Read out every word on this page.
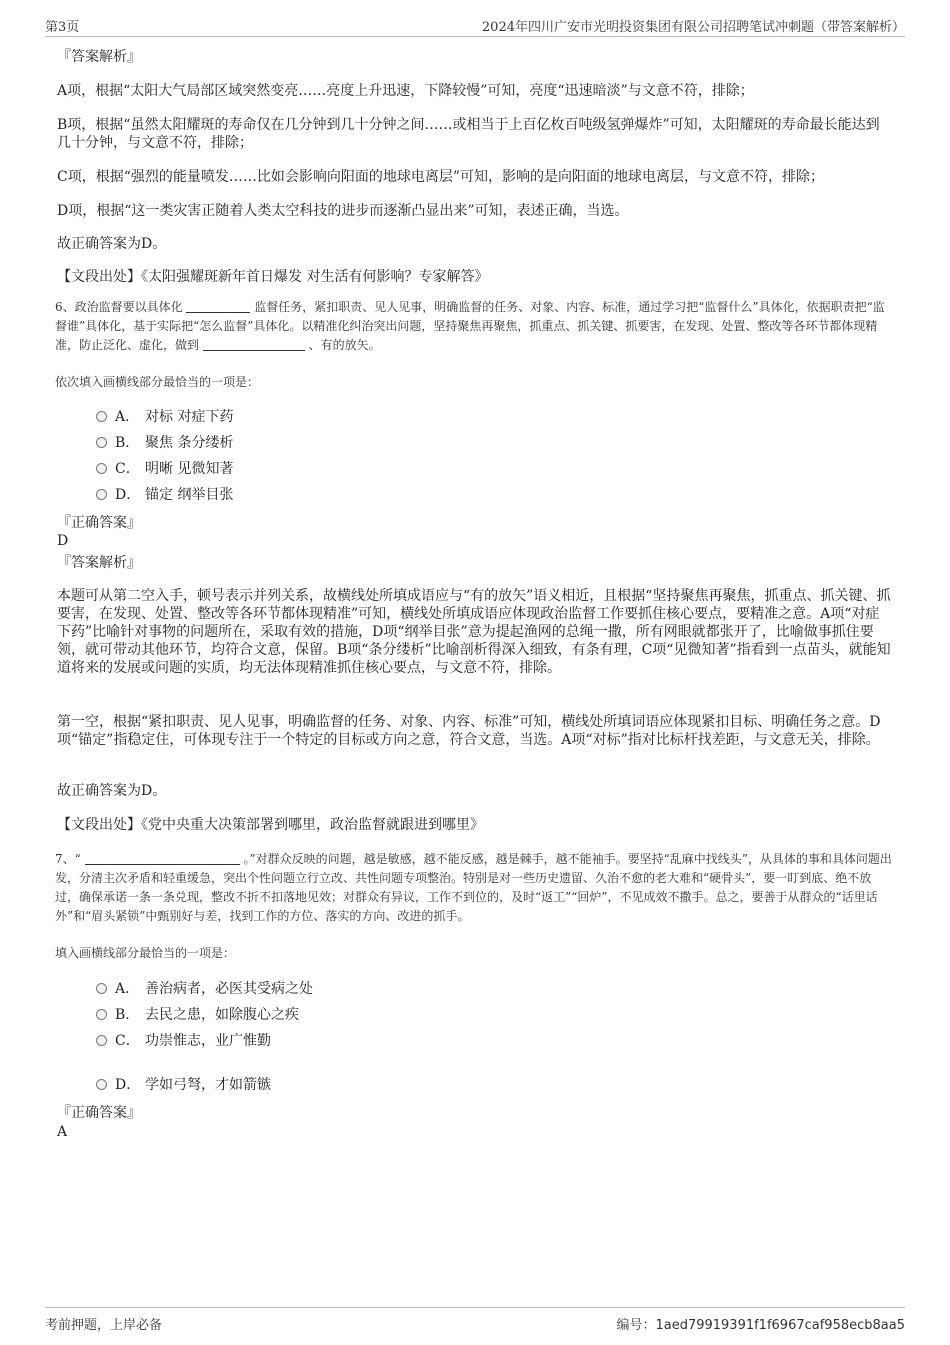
第3页	2024年四川广安市光明投资集团有限公司招聘笔试冲刺题（带答案解析）
『答案解析』
A项，根据“太阳大气局部区域突然变亮……亮度上升迅速，下降较慢”可知，亮度“迅速暗淡”与文意不符，排除；
B项，根据“虽然太阳耀斑的寿命仅在几分钟到几十分钟之间……或相当于上百亿枚百吨级氢弹爆炸”可知，太阳耀斑的寿命最长能达到几十分钟，与文意不符，排除；
C项，根据“强烈的能量喷发……比如会影响向阳面的地球电离层”可知，影响的是向阳面的地球电离层，与文意不符，排除；
D项，根据“这一类灾害正随着人类太空科技的进步而逐渐凸显出来”可知，表述正确，当选。
故正确答案为D。
【文段出处】《太阳强耀斑新年首日爆发 对生活有何影响？专家解答》
6、政治监督要以具体化	监督任务，紧扣职责、见人见事，明确监督的任务、对象、内容、标准，通过学习把“监督什么”具体化，依据职责把“监督谁”具体化，基于实际把“怎么监督”具体化。以精准化纠治突出问题，坚持聚焦再聚焦，抓重点、抓关键、抓要害，在发现、处置、整改等各环节都体现精准，防止泛化、虚化，做到	、有的放矢。
依次填入画横线部分最恰当的一项是：
A． 对标 对症下药
B． 聚焦 条分缕析
C． 明晰 见微知著
D． 锚定 纲举目张
『正确答案』
D
『答案解析』
本题可从第二空入手，顿号表示并列关系，故横线处所填成语应与“有的放矢”语义相近，且根据“坚持聚焦再聚焦，抓重点、抓关键、抓要害，在发现、处置、整改等各环节都体现精准”可知，横线处所填成语应体现政治监督工作要抓住核心要点，要精准之意。A项“对症下药”比喻针对事物的问题所在，采取有效的措施，D项“纲举目张”意为提起渔网的总绳一撒，所有网眼就都张开了，比喻做事抓住要领，就可带动其他环节，均符合文意，保留。B项“条分缕析”比喻剖析得深入细致，有条有理，C项“见微知著”指看到一点苗头，就能知道将来的发展或问题的实质，均无法体现精准抓住核心要点，与文意不符，排除。
第一空，根据“紧扣职责、见人见事，明确监督的任务、对象、内容、标准”可知，横线处所填词语应体现紧扣目标、明确任务之意。D项“锚定”指稳定住，可体现专注于一个特定的目标或方向之意，符合文意，当选。A项“对标”指对比标杆找差距，与文意无关，排除。
故正确答案为D。
【文段出处】《党中央重大决策部署到哪里，政治监督就跟进到哪里》
7、“	。”对群众反映的问题，越是敏感，越不能反感，越是棘手，越不能袖手。要坚持“乱麻中找线头”，从具体的事和具体问题出发，分清主次矛盾和轻重缓急，突出个性问题立行立改、共性问题专项整治。特别是对一些历史遗留、久治不愈的老大难和“硬骨头”，要一盯到底、绝不放过，确保承诺一条一条兑现，整改不折不扣落地见效；对群众有异议，工作不到位的，及时“返工”“回炉”，不见成效不撒手。总之，要善于从群众的“话里话外”和“眉头紧锁”中甄别好与差，找到工作的方位、落实的方向、改进的抓手。
填入画横线部分最恰当的一项是：
A． 善治病者，必医其受病之处
B． 去民之患，如除腹心之疾
C． 功崇惟志，业广惟勤
D． 学如弓弩，才如箭镞
『正确答案』
A
考前押题，上岸必备	编号：1aed79919391f1f6967caf958ecb8aa5
